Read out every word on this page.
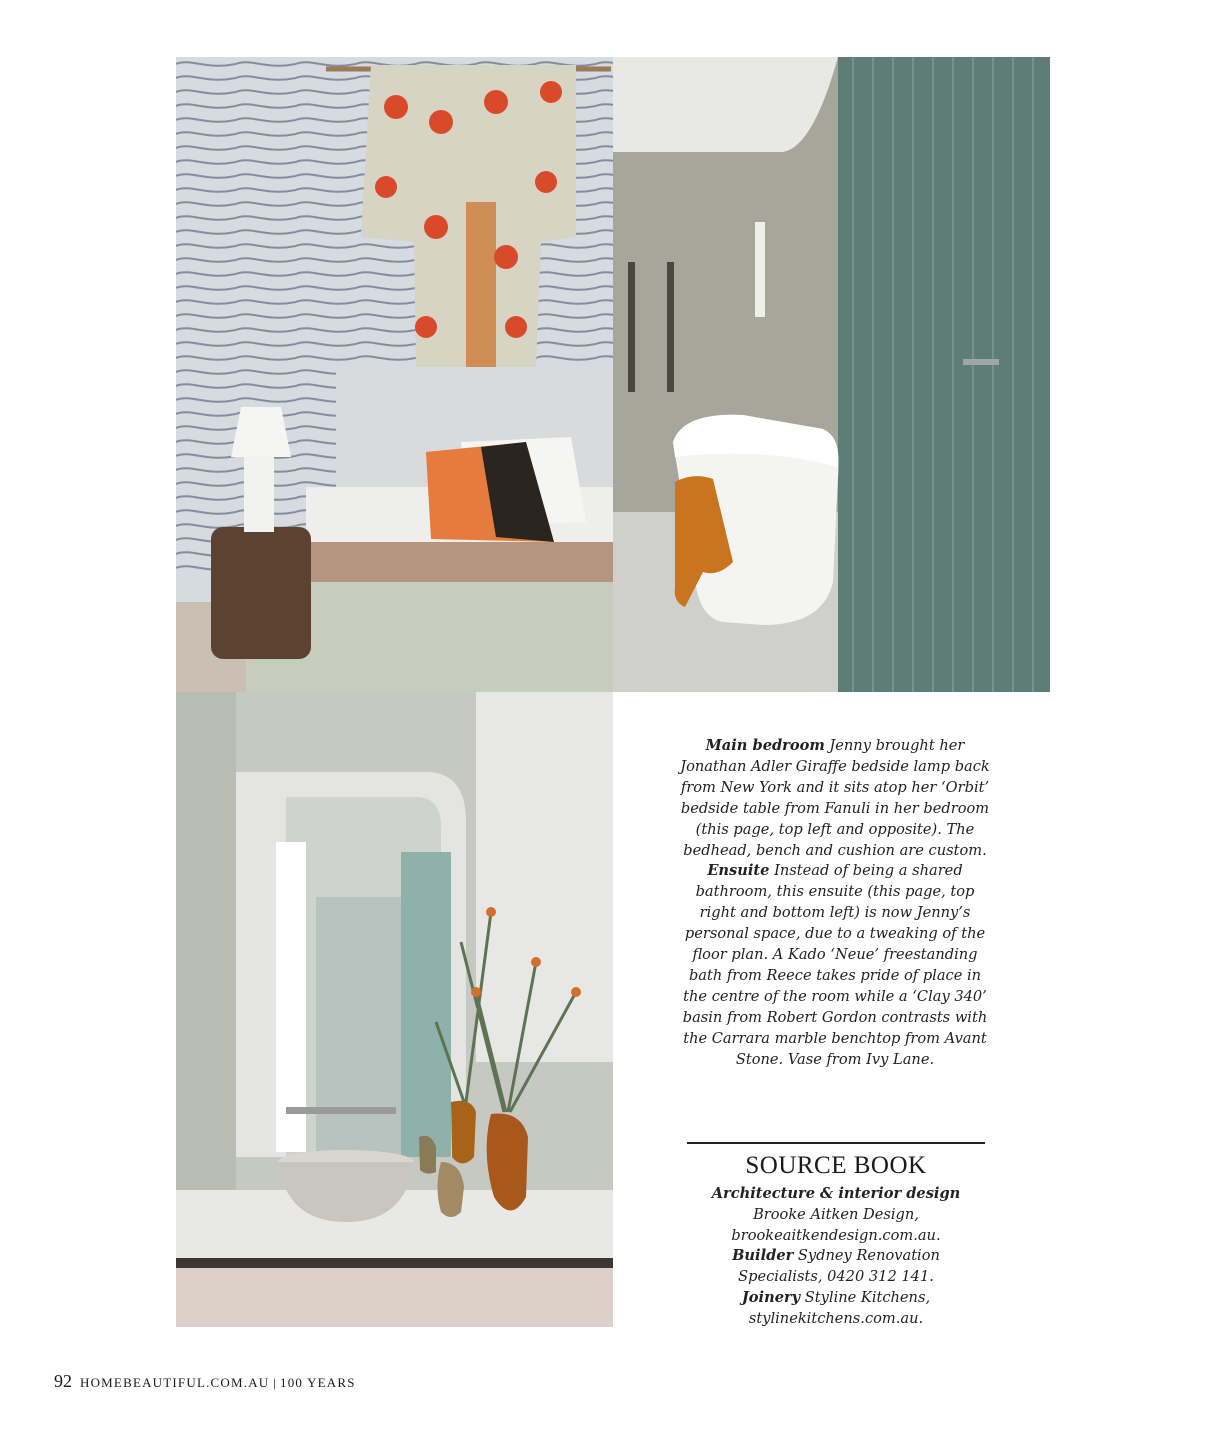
Main bedroom Jenny brought her Jonathan Adler Giraffe bedside lamp back from New York and it sits atop her ‘Orbit’ bedside table from Fanuli in her bedroom (this page, top left and opposite). The bedhead, bench and cushion are custom. Ensuite Instead of being a shared bathroom, this ensuite (this page, top right and bottom left) is now Jenny’s personal space, due to a tweaking of the floor plan. A Kado ‘Neue’ freestanding bath from Reece takes pride of place in the centre of the room while a ‘Clay 340’ basin from Robert Gordon contrasts with the Carrara marble benchtop from Avant Stone. Vase from Ivy Lane.
SOURCE BOOK
Architecture & interior design
Brooke Aitken Design,
brookeaitkendesign.com.au.
Builder Sydney Renovation
Specialists, 0420 312 141.
Joinery Styline Kitchens,
stylinekitchens.com.au.
92 HOMEBEAUTIFUL.COM.AU | 100 YEARS
